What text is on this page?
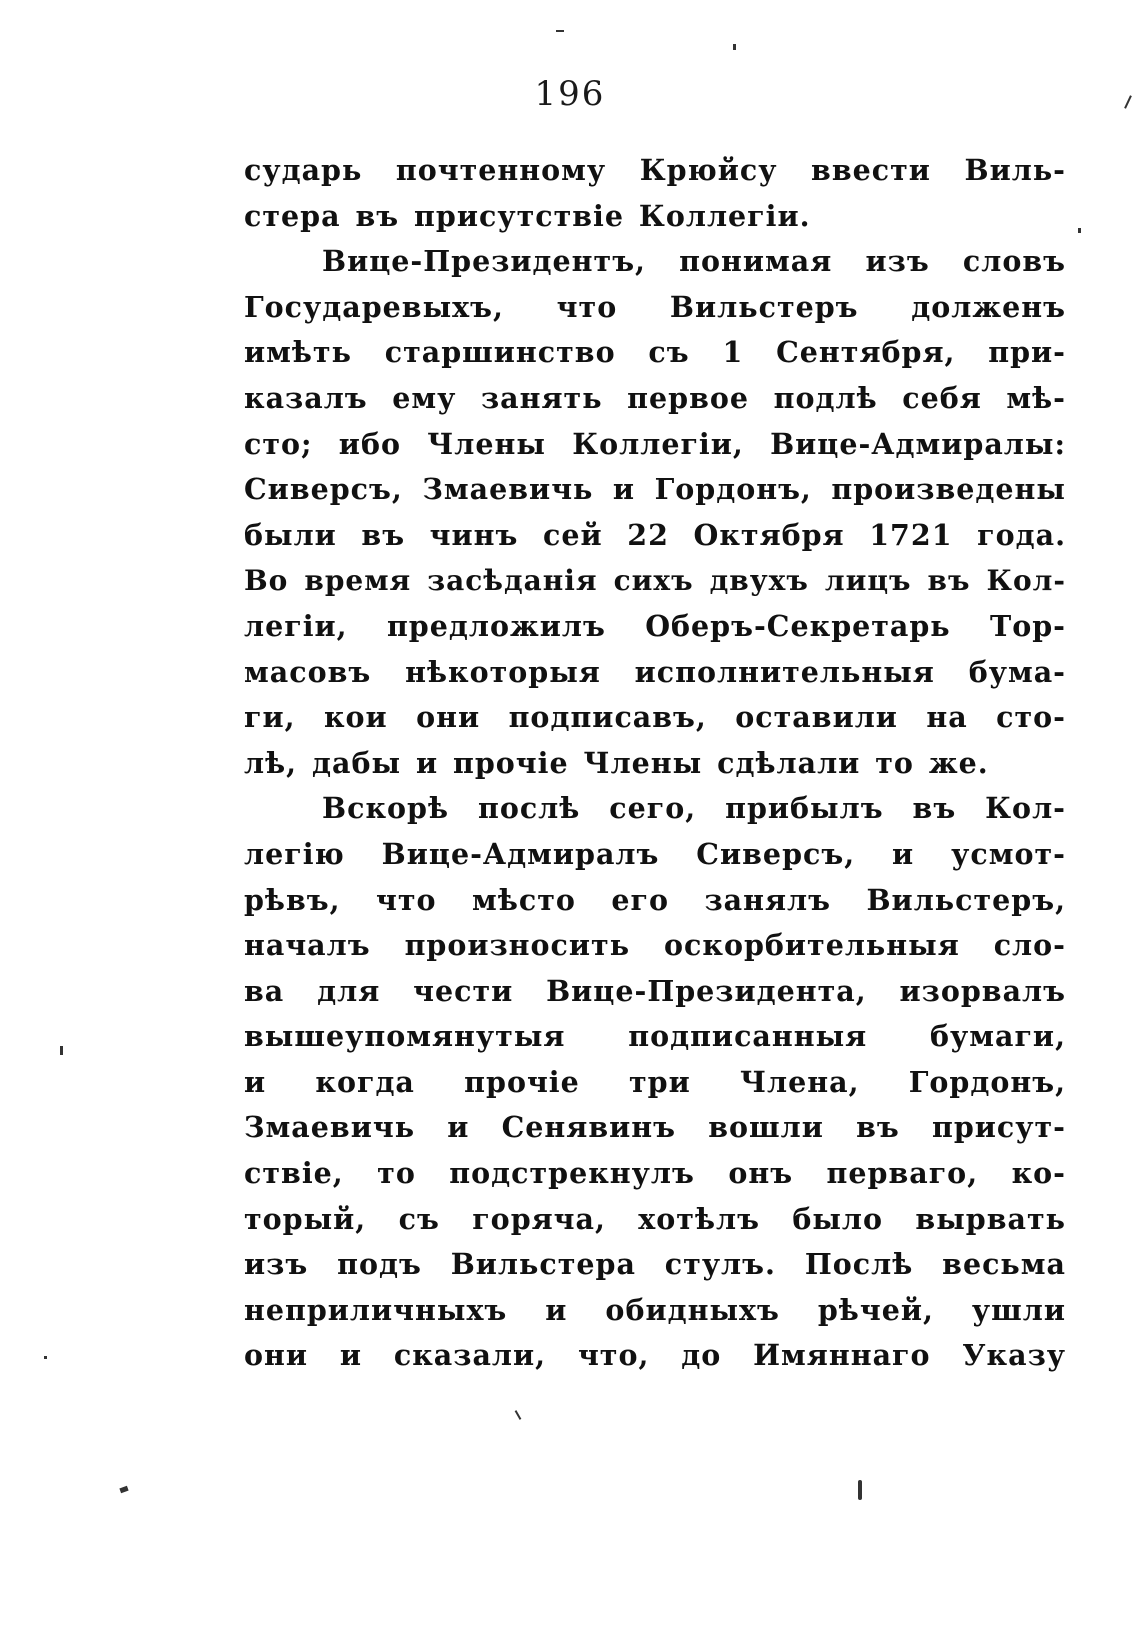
196
сударь почтенному Крюйсу ввести Виль-
стера въ присутствіе Коллегіи.
Вице-Президентъ, понимая изъ словъ
Государевыхъ, что Вильстеръ долженъ
имѣть старшинство съ 1 Сентября, при-
казалъ ему занять первое подлѣ себя мѣ-
сто; ибо Члены Коллегіи, Вице-Адмиралы:
Сиверсъ, Змаевичь и Гордонъ, произведены
были въ чинъ сей 22 Октября 1721 года.
Во время засѣданія сихъ двухъ лицъ въ Кол-
легіи, предложилъ Оберъ-Секретарь Тор-
масовъ нѣкоторыя исполнительныя бума-
ги, кои они подписавъ, оставили на сто-
лѣ, дабы и прочіе Члены сдѣлали то же.
Вскорѣ послѣ сего, прибылъ въ Кол-
легію Вице-Адмиралъ Сиверсъ, и усмот-
рѣвъ, что мѣсто его занялъ Вильстеръ,
началъ произносить оскорбительныя сло-
ва для чести Вице-Президента, изорвалъ
вышеупомянутыя подписанныя бумаги,
и когда прочіе три Члена, Гордонъ,
Змаевичь и Сенявинъ вошли въ присут-
ствіе, то подстрекнулъ онъ перваго, ко-
торый, съ горяча, хотѣлъ было вырвать
изъ подъ Вильстера стулъ. Послѣ весьма
неприличныхъ и обидныхъ рѣчей, ушли
они и сказали, что, до Имяннаго Указу
